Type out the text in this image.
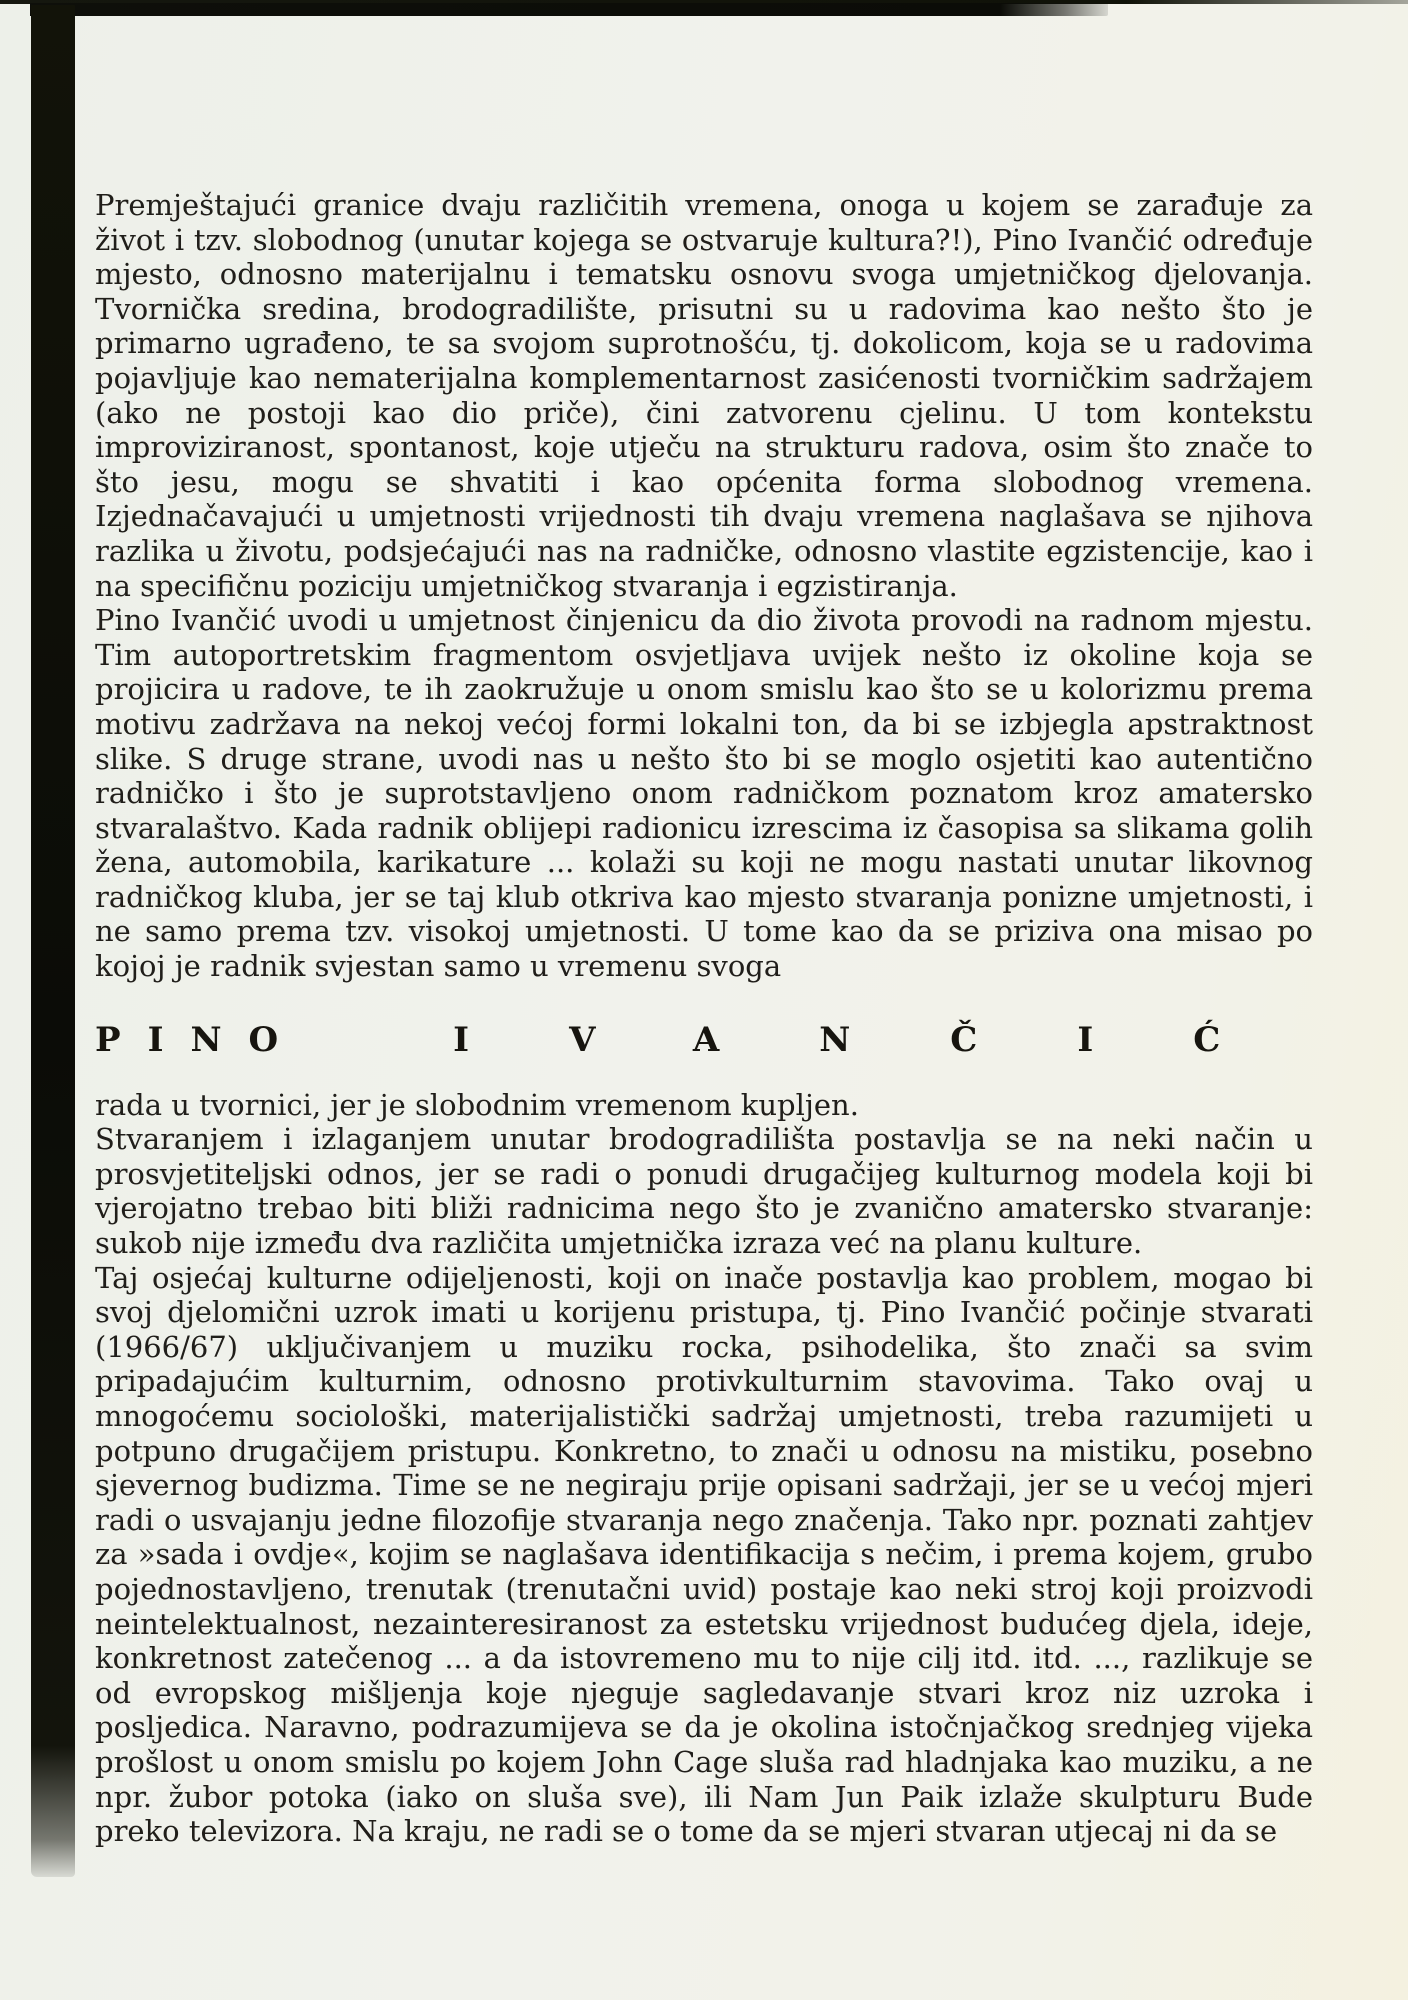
Premještajući granice dvaju različitih vremena, onoga u kojem se zarađuje za život i tzv. slobodnog (unutar kojega se ostvaruje kultura?!), Pino Ivančić određuje mjesto, odnosno materijalnu i tematsku osnovu svoga umjetničkog djelovanja. Tvornička sredina, brodogradilište, prisutni su u radovima kao nešto što je primarno ugrađeno, te sa svojom suprotnošću, tj. dokolicom, koja se u radovima pojavljuje kao nematerijalna komplementarnost zasićenosti tvorničkim sadržajem (ako ne postoji kao dio priče), čini zatvorenu cjelinu. U tom kontekstu improviziranost, spontanost, koje utječu na strukturu radova, osim što znače to što jesu, mogu se shvatiti i kao općenita forma slobodnog vremena. Izjednačavajući u umjetnosti vrijednosti tih dvaju vremena naglašava se njihova razlika u životu, podsjećajući nas na radničke, odnosno vlastite egzistencije, kao i na specifičnu poziciju umjetničkog stvaranja i egzistiranja.

Pino Ivančić uvodi u umjetnost činjenicu da dio života provodi na radnom mjestu. Tim autoportretskim fragmentom osvjetljava uvijek nešto iz okoline koja se projicira u radove, te ih zaokružuje u onom smislu kao što se u kolorizmu prema motivu zadržava na nekoj većoj formi lokalni ton, da bi se izbjegla apstraktnost slike. S druge strane, uvodi nas u nešto što bi se moglo osjetiti kao autentično radničko i što je suprotstavljeno onom radničkom poznatom kroz amatersko stvaralaštvo. Kada radnik oblijepi radionicu izrescima iz časopisa sa slikama golih žena, automobila, karikature ... kolaži su koji ne mogu nastati unutar likovnog radničkog kluba, jer se taj klub otkriva kao mjesto stvaranja ponizne umjetnosti, i ne samo prema tzv. visokoj umjetnosti. U tome kao da se priziva ona misao po kojoj je radnik svjestan samo u vremenu svoga

PINO	IVANČIĆ

rada u tvornici, jer je slobodnim vremenom kupljen.

Stvaranjem i izlaganjem unutar brodogradilišta postavlja se na neki način u prosvjetiteljski odnos, jer se radi o ponudi drugačijeg kulturnog modela koji bi vjerojatno trebao biti bliži radnicima nego što je zvanično amatersko stvaranje: sukob nije između dva različita umjetnička izraza već na planu kulture.

Taj osjećaj kulturne odijeljenosti, koji on inače postavlja kao problem, mogao bi svoj djelomični uzrok imati u korijenu pristupa, tj. Pino Ivančić počinje stvarati (1966/67) uključivanjem u muziku rocka, psihodelika, što znači sa svim pripadajućim kulturnim, odnosno protivkulturnim stavovima. Tako ovaj u mnogoćemu sociološki, materijalistički sadržaj umjetnosti, treba razumijeti u potpuno drugačijem pristupu. Konkretno, to znači u odnosu na mistiku, posebno sjevernog budizma. Time se ne negiraju prije opisani sadržaji, jer se u većoj mjeri radi o usvajanju jedne filozofije stvaranja nego značenja. Tako npr. poznati zahtjev za »sada i ovdje«, kojim se naglašava identifikacija s nečim, i prema kojem, grubo pojednostavljeno, trenutak (trenutačni uvid) postaje kao neki stroj koji proizvodi neintelektualnost, nezainteresiranost za estetsku vrijednost budućeg djela, ideje, konkretnost zatečenog ... a da istovremeno mu to nije cilj itd. itd. ..., razlikuje se od evropskog mišljenja koje njeguje sagledavanje stvari kroz niz uzroka i posljedica. Naravno, podrazumijeva se da je okolina istočnjačkog srednjeg vijeka prošlost u onom smislu po kojem John Cage sluša rad hladnjaka kao muziku, a ne npr. žubor potoka (iako on sluša sve), ili Nam Jun Paik izlaže skulpturu Bude preko televizora. Na kraju, ne radi se o tome da se mjeri stvaran utjecaj ni da se
